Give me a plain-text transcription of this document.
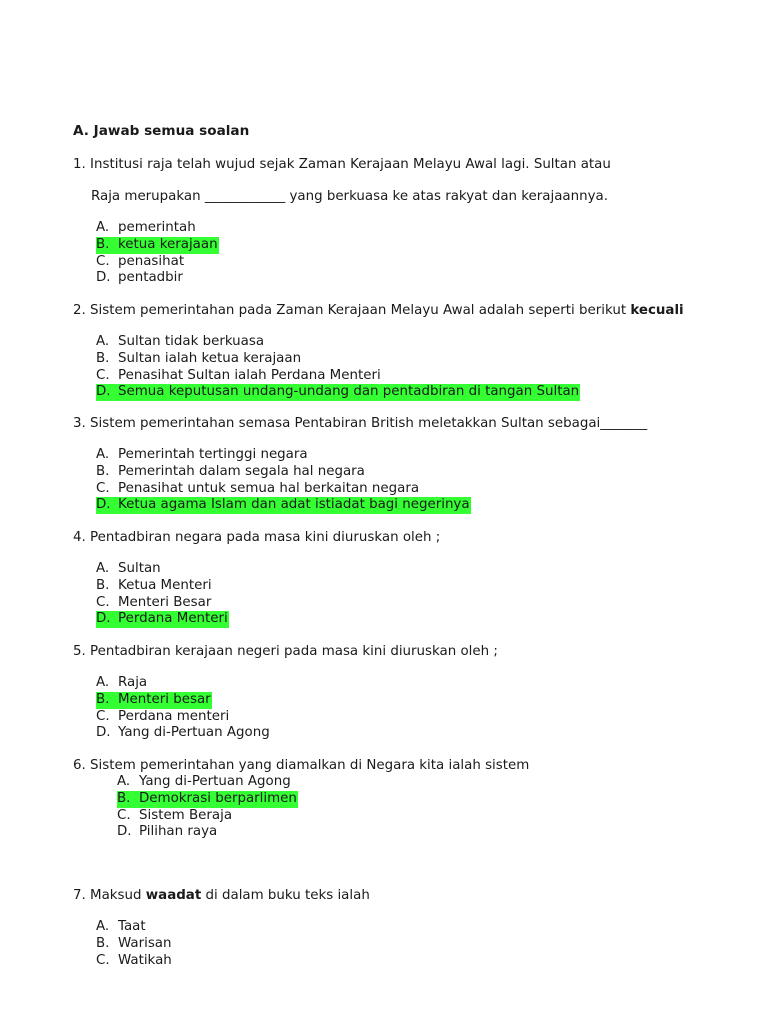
A. Jawab semua soalan
1. Institusi raja telah wujud sejak Zaman Kerajaan Melayu Awal lagi. Sultan atau
Raja merupakan ____________ yang berkuasa ke atas rakyat dan kerajaannya.
A. pemerintah
B. ketua kerajaan
C. penasihat
D. pentadbir
2. Sistem pemerintahan pada Zaman Kerajaan Melayu Awal adalah seperti berikut kecuali
A. Sultan tidak berkuasa
B. Sultan ialah ketua kerajaan
C. Penasihat Sultan ialah Perdana Menteri
D. Semua keputusan undang-undang dan pentadbiran di tangan Sultan
3. Sistem pemerintahan semasa Pentabiran British meletakkan Sultan sebagai_______
A. Pemerintah tertinggi negara
B. Pemerintah dalam segala hal negara
C. Penasihat untuk semua hal berkaitan negara
D. Ketua agama Islam dan adat istiadat bagi negerinya
4. Pentadbiran negara pada masa kini diuruskan oleh ;
A. Sultan
B. Ketua Menteri
C. Menteri Besar
D. Perdana Menteri
5. Pentadbiran kerajaan negeri pada masa kini diuruskan oleh ;
A. Raja
B. Menteri besar
C. Perdana menteri
D. Yang di-Pertuan Agong
6. Sistem pemerintahan yang diamalkan di Negara kita ialah sistem
A. Yang di-Pertuan Agong
B. Demokrasi berparlimen
C. Sistem Beraja
D. Pilihan raya
7. Maksud waadat di dalam buku teks ialah
A. Taat
B. Warisan
C. Watikah
